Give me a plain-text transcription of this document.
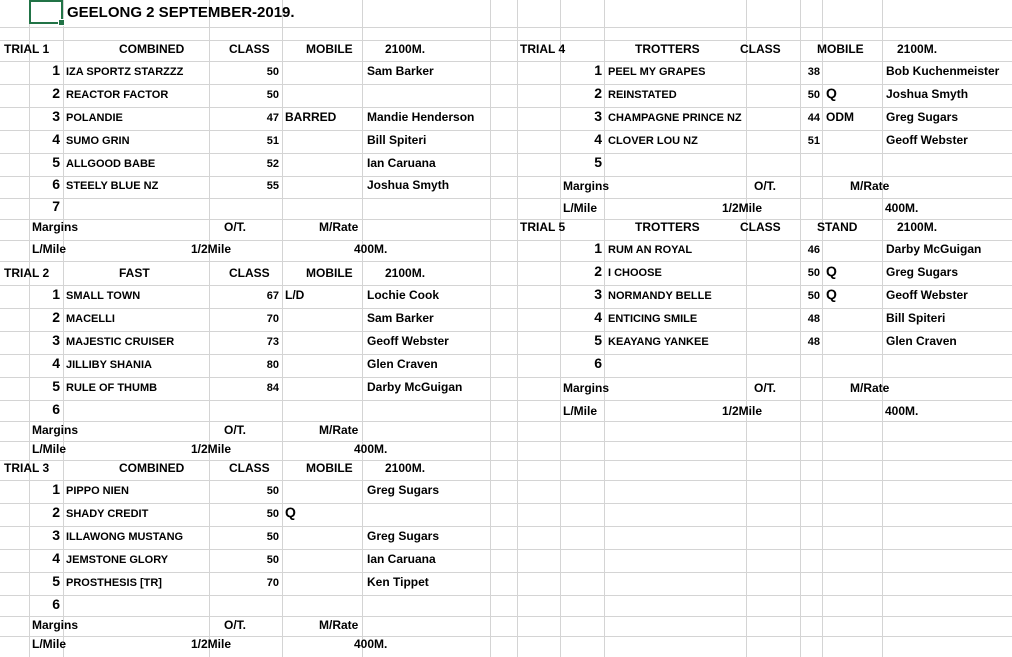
GEELONG 2 SEPTEMBER-2019.
TRIAL 1	COMBINED	CLASS	MOBILE	2100M.
1 IZA SPORTZ STARZZZ	50	Sam Barker
2 REACTOR FACTOR	50
3 POLANDIE	47 BARRED	Mandie Henderson
4 SUMO GRIN	51	Bill Spiteri
5 ALLGOOD BABE	52	Ian Caruana
6 STEELY BLUE NZ	55	Joshua Smyth
7
Margins	O/T.	M/Rate
L/Mile	1/2Mile	400M.
TRIAL 2	FAST	CLASS	MOBILE	2100M.
1 SMALL TOWN	67 L/D	Lochie Cook
2 MACELLI	70	Sam Barker
3 MAJESTIC CRUISER	73	Geoff Webster
4 JILLIBY SHANIA	80	Glen Craven
5 RULE OF THUMB	84	Darby McGuigan
6
Margins	O/T.	M/Rate
L/Mile	1/2Mile	400M.
TRIAL 3	COMBINED	CLASS	MOBILE	2100M.
1 PIPPO NIEN	50	Greg Sugars
2 SHADY CREDIT	50 Q
3 ILLAWONG MUSTANG	50	Greg Sugars
4 JEMSTONE GLORY	50	Ian Caruana
5 PROSTHESIS [TR]	70	Ken Tippet
6
Margins	O/T.	M/Rate
L/Mile	1/2Mile	400M.
TRIAL 4	TROTTERS	CLASS	MOBILE	2100M.
1 PEEL MY GRAPES	38	Bob Kuchenmeister
2 REINSTATED	50 Q	Joshua Smyth
3 CHAMPAGNE PRINCE NZ	44 ODM	Greg Sugars
4 CLOVER LOU NZ	51	Geoff Webster
5
Margins	O/T.	M/Rate
L/Mile	1/2Mile	400M.
TRIAL 5	TROTTERS	CLASS	STAND	2100M.
1 RUM AN ROYAL	46	Darby McGuigan
2 I CHOOSE	50 Q	Greg Sugars
3 NORMANDY BELLE	50 Q	Geoff Webster
4 ENTICING SMILE	48	Bill Spiteri
5 KEAYANG YANKEE	48	Glen Craven
6
Margins	O/T.	M/Rate
L/Mile	1/2Mile	400M.
